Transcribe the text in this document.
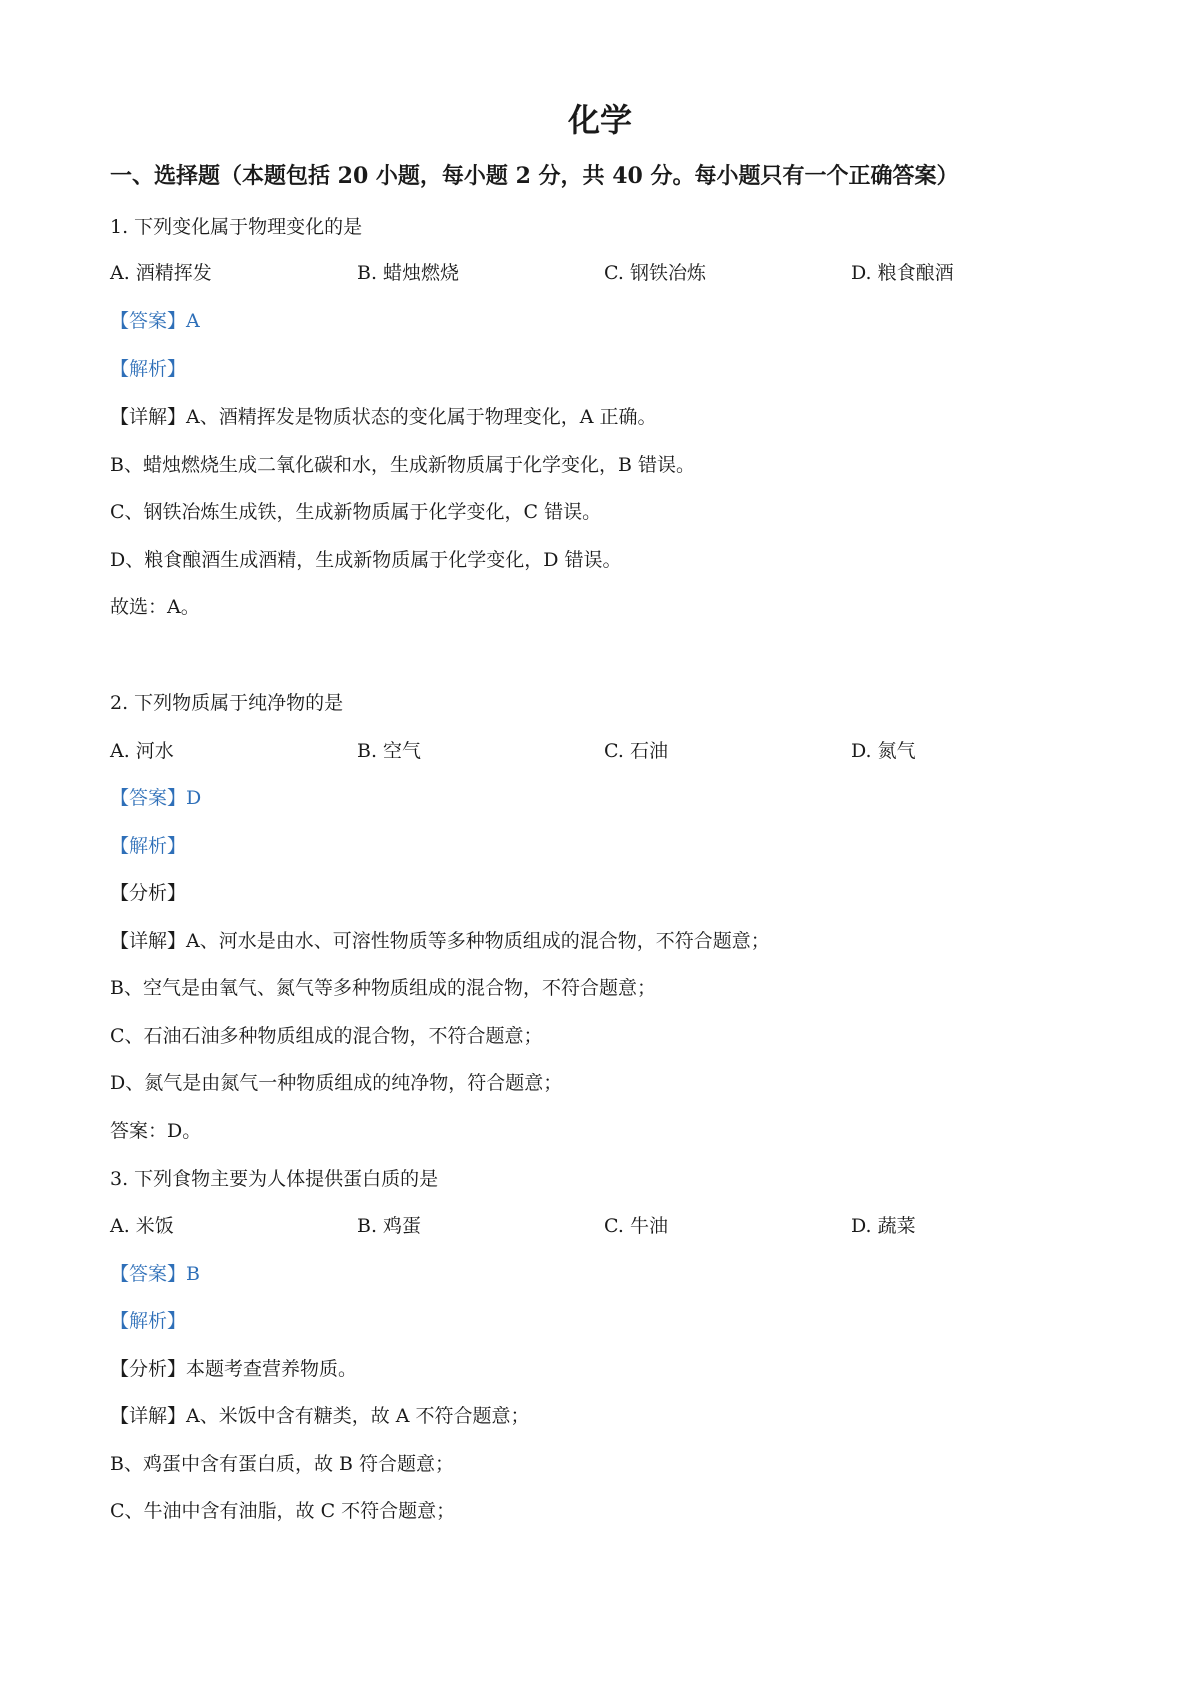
化学
一、选择题（本题包括 20 小题，每小题 2 分，共 40 分。每小题只有一个正确答案）
1. 下列变化属于物理变化的是
A. 酒精挥发	B. 蜡烛燃烧	C. 钢铁冶炼	D. 粮食酿酒
【答案】A
【解析】
【详解】A、酒精挥发是物质状态的变化属于物理变化，A 正确。
B、蜡烛燃烧生成二氧化碳和水，生成新物质属于化学变化，B 错误。
C、钢铁冶炼生成铁，生成新物质属于化学变化，C 错误。
D、粮食酿酒生成酒精，生成新物质属于化学变化，D 错误。
故选：A。
2. 下列物质属于纯净物的是
A. 河水	B. 空气	C. 石油	D. 氮气
【答案】D
【解析】
【分析】
【详解】A、河水是由水、可溶性物质等多种物质组成的混合物，不符合题意；
B、空气是由氧气、氮气等多种物质组成的混合物，不符合题意；
C、石油石油多种物质组成的混合物，不符合题意；
D、氮气是由氮气一种物质组成的纯净物，符合题意；
答案：D。
3. 下列食物主要为人体提供蛋白质的是
A. 米饭	B. 鸡蛋	C. 牛油	D. 蔬菜
【答案】B
【解析】
【分析】本题考查营养物质。
【详解】A、米饭中含有糖类，故 A 不符合题意；
B、鸡蛋中含有蛋白质，故 B 符合题意；
C、牛油中含有油脂，故 C 不符合题意；
